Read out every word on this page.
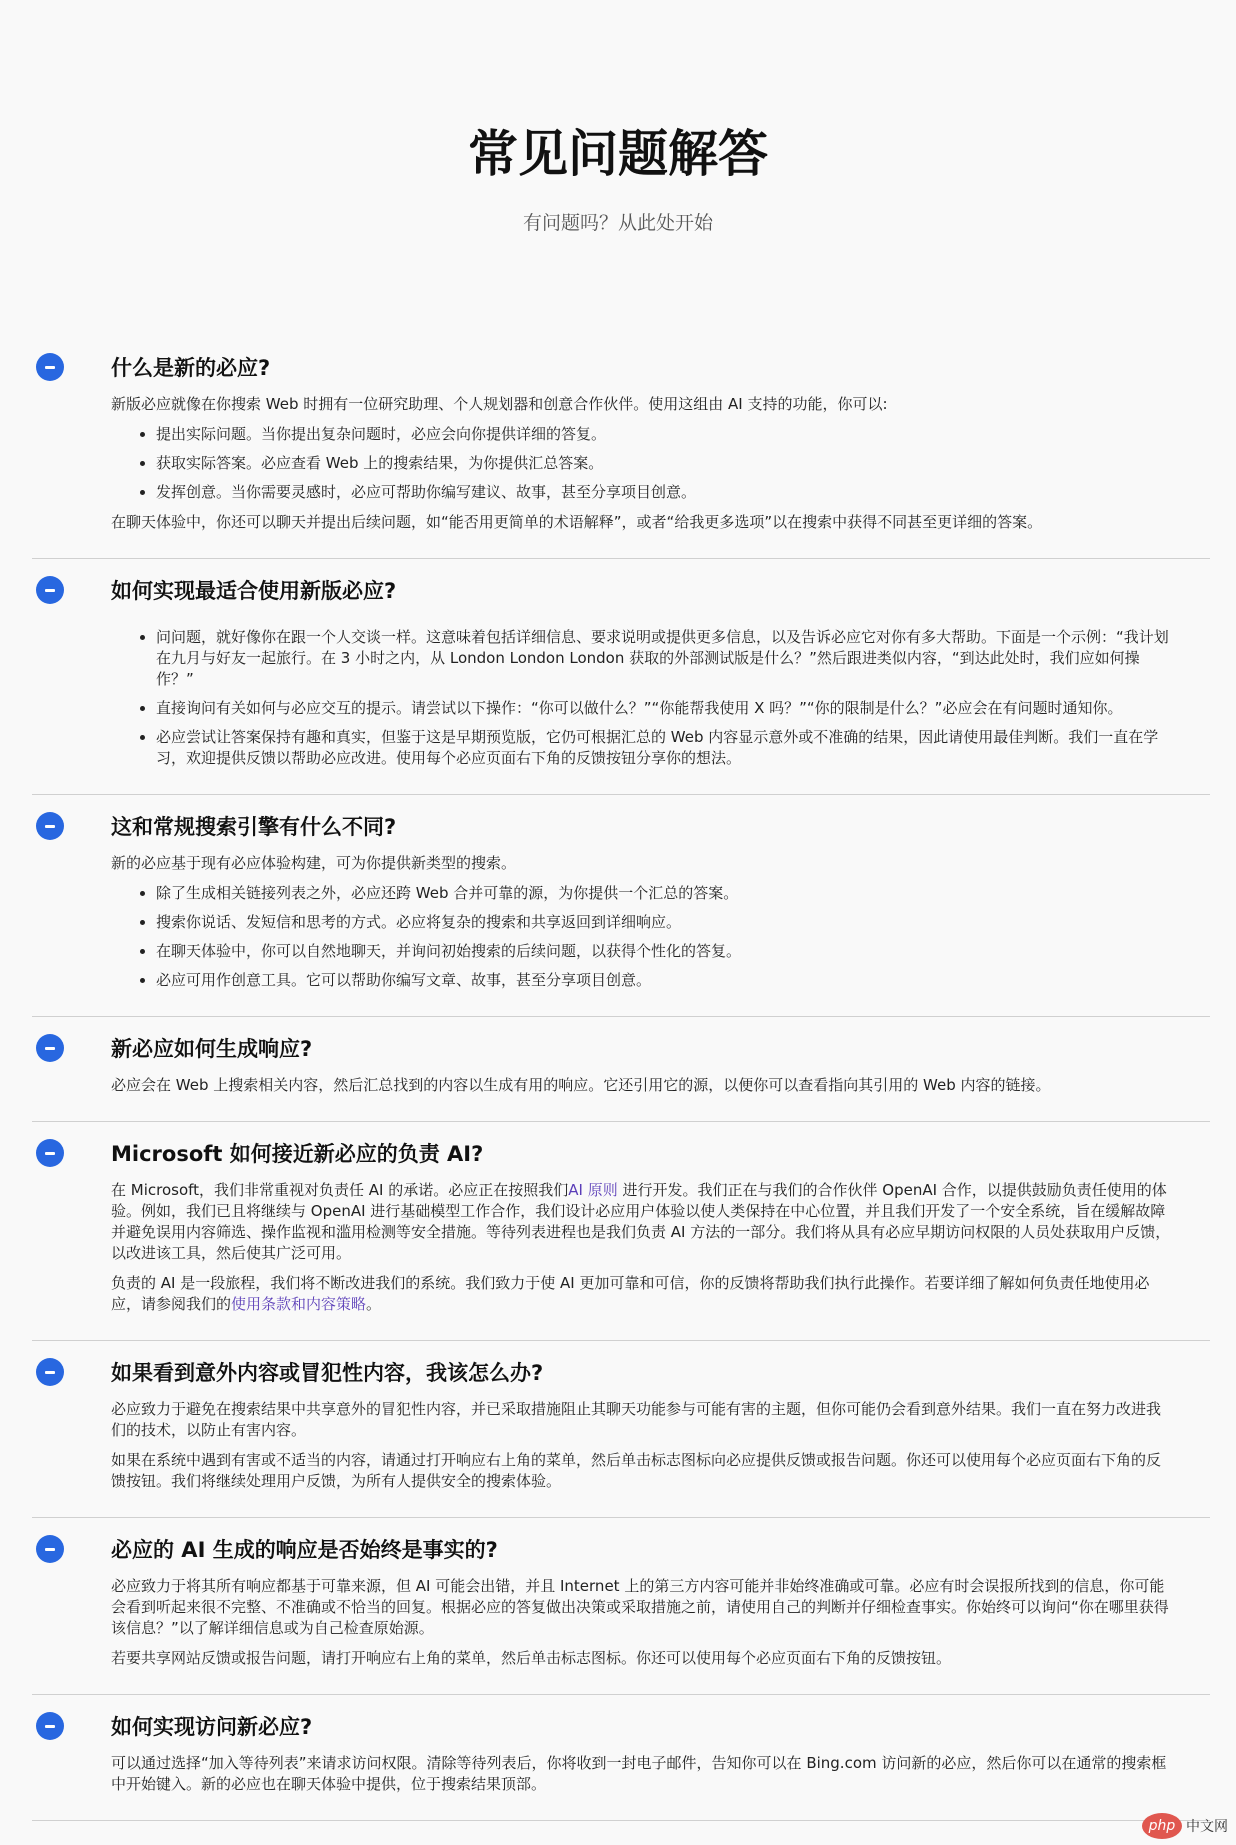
常见问题解答
有问题吗？从此处开始
什么是新的必应?

新版必应就像在你搜索 Web 时拥有一位研究助理、个人规划器和创意合作伙伴。使用这组由 AI 支持的功能，你可以:

• 提出实际问题。当你提出复杂问题时，必应会向你提供详细的答复。
• 获取实际答案。必应查看 Web 上的搜索结果，为你提供汇总答案。
• 发挥创意。当你需要灵感时，必应可帮助你编写建议、故事，甚至分享项目创意。

在聊天体验中，你还可以聊天并提出后续问题，如“能否用更简单的术语解释”，或者“给我更多选项”以在搜索中获得不同甚至更详细的答案。

如何实现最适合使用新版必应?
• 问问题，就好像你在跟一个人交谈一样。这意味着包括详细信息、要求说明或提供更多信息，以及告诉必应它对你有多大帮助。下面是一个示例：“我计划在九月与好友一起旅行。在 3 小时之内，从 London London London 获取的外部测试版是什么？”然后跟进类似内容，“到达此处时，我们应如何操作？”
• 直接询问有关如何与必应交互的提示。请尝试以下操作：“你可以做什么？”“你能帮我使用 X 吗？”“你的限制是什么？”必应会在有问题时通知你。
• 必应尝试让答案保持有趣和真实，但鉴于这是早期预览版，它仍可根据汇总的 Web 内容显示意外或不准确的结果，因此请使用最佳判断。我们一直在学习，欢迎提供反馈以帮助必应改进。使用每个必应页面右下角的反馈按钮分享你的想法。
这和常规搜索引擎有什么不同?

新的必应基于现有必应体验构建，可为你提供新类型的搜索。

• 除了生成相关链接列表之外，必应还跨 Web 合并可靠的源，为你提供一个汇总的答案。
• 搜索你说话、发短信和思考的方式。必应将复杂的搜索和共享返回到详细响应。
• 在聊天体验中，你可以自然地聊天，并询问初始搜索的后续问题，以获得个性化的答复。
• 必应可用作创意工具。它可以帮助你编写文章、故事，甚至分享项目创意。
新必应如何生成响应?

必应会在 Web 上搜索相关内容，然后汇总找到的内容以生成有用的响应。它还引用它的源，以便你可以查看指向其引用的 Web 内容的链接。

Microsoft 如何接近新必应的负责 AI?

在 Microsoft，我们非常重视对负责任 AI 的承诺。必应正在按照我们AI 原则 进行开发。我们正在与我们的合作伙伴 OpenAI 合作，以提供鼓励负责任使用的体验。例如，我们已且将继续与 OpenAI 进行基础模型工作合作，我们设计必应用户体验以使人类保持在中心位置，并且我们开发了一个安全系统，旨在缓解故障并避免误用内容筛选、操作监视和滥用检测等安全措施。等待列表进程也是我们负责 AI 方法的一部分。我们将从具有必应早期访问权限的人员处获取用户反馈，以改进该工具，然后使其广泛可用。

负责的 AI 是一段旅程，我们将不断改进我们的系统。我们致力于使 AI 更加可靠和可信，你的反馈将帮助我们执行此操作。若要详细了解如何负责任地使用必应，请参阅我们的使用条款和内容策略。

如果看到意外内容或冒犯性内容，我该怎么办?

必应致力于避免在搜索结果中共享意外的冒犯性内容，并已采取措施阻止其聊天功能参与可能有害的主题，但你可能仍会看到意外结果。我们一直在努力改进我们的技术，以防止有害内容。

如果在系统中遇到有害或不适当的内容，请通过打开响应右上角的菜单，然后单击标志图标向必应提供反馈或报告问题。你还可以使用每个必应页面右下角的反馈按钮。我们将继续处理用户反馈，为所有人提供安全的搜索体验。

必应的 AI 生成的响应是否始终是事实的?

必应致力于将其所有响应都基于可靠来源，但 AI 可能会出错，并且 Internet 上的第三方内容可能并非始终准确或可靠。必应有时会误报所找到的信息，你可能会看到听起来很不完整、不准确或不恰当的回复。根据必应的答复做出决策或采取措施之前，请使用自己的判断并仔细检查事实。你始终可以询问“你在哪里获得该信息？”以了解详细信息或为自己检查原始源。

若要共享网站反馈或报告问题，请打开响应右上角的菜单，然后单击标志图标。你还可以使用每个必应页面右下角的反馈按钮。

如何实现访问新必应?

可以通过选择“加入等待列表”来请求访问权限。清除等待列表后，你将收到一封电子邮件，告知你可以在 Bing.com 访问新的必应，然后你可以在通常的搜索框中开始键入。新的必应也在聊天体验中提供，位于搜索结果顶部。

php 中文网
